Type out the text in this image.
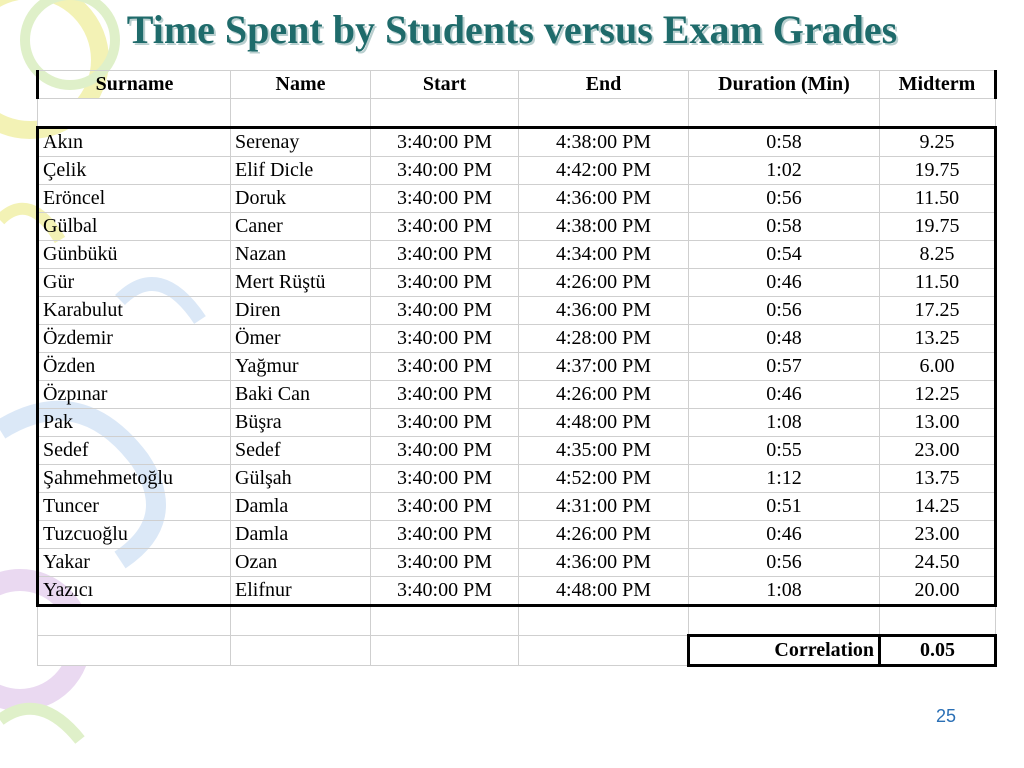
Time Spent by Students versus Exam Grades
Surname	Name	Start	End	Duration (Min)	Midterm

Akın	Serenay	3:40:00 PM	4:38:00 PM	0:58	9.25
Çelik	Elif Dicle	3:40:00 PM	4:42:00 PM	1:02	19.75
Eröncel	Doruk	3:40:00 PM	4:36:00 PM	0:56	11.50
Gülbal	Caner	3:40:00 PM	4:38:00 PM	0:58	19.75
Günbükü	Nazan	3:40:00 PM	4:34:00 PM	0:54	8.25
Gür	Mert Rüştü	3:40:00 PM	4:26:00 PM	0:46	11.50
Karabulut	Diren	3:40:00 PM	4:36:00 PM	0:56	17.25
Özdemir	Ömer	3:40:00 PM	4:28:00 PM	0:48	13.25
Özden	Yağmur	3:40:00 PM	4:37:00 PM	0:57	6.00
Özpınar	Baki Can	3:40:00 PM	4:26:00 PM	0:46	12.25
Pak	Büşra	3:40:00 PM	4:48:00 PM	1:08	13.00
Sedef	Sedef	3:40:00 PM	4:35:00 PM	0:55	23.00
Şahmehmetoğlu	Gülşah	3:40:00 PM	4:52:00 PM	1:12	13.75
Tuncer	Damla	3:40:00 PM	4:31:00 PM	0:51	14.25
Tuzcuoğlu	Damla	3:40:00 PM	4:26:00 PM	0:46	23.00
Yakar	Ozan	3:40:00 PM	4:36:00 PM	0:56	24.50
Yazıcı	Elifnur	3:40:00 PM	4:48:00 PM	1:08	20.00

				Correlation	0.05
25
